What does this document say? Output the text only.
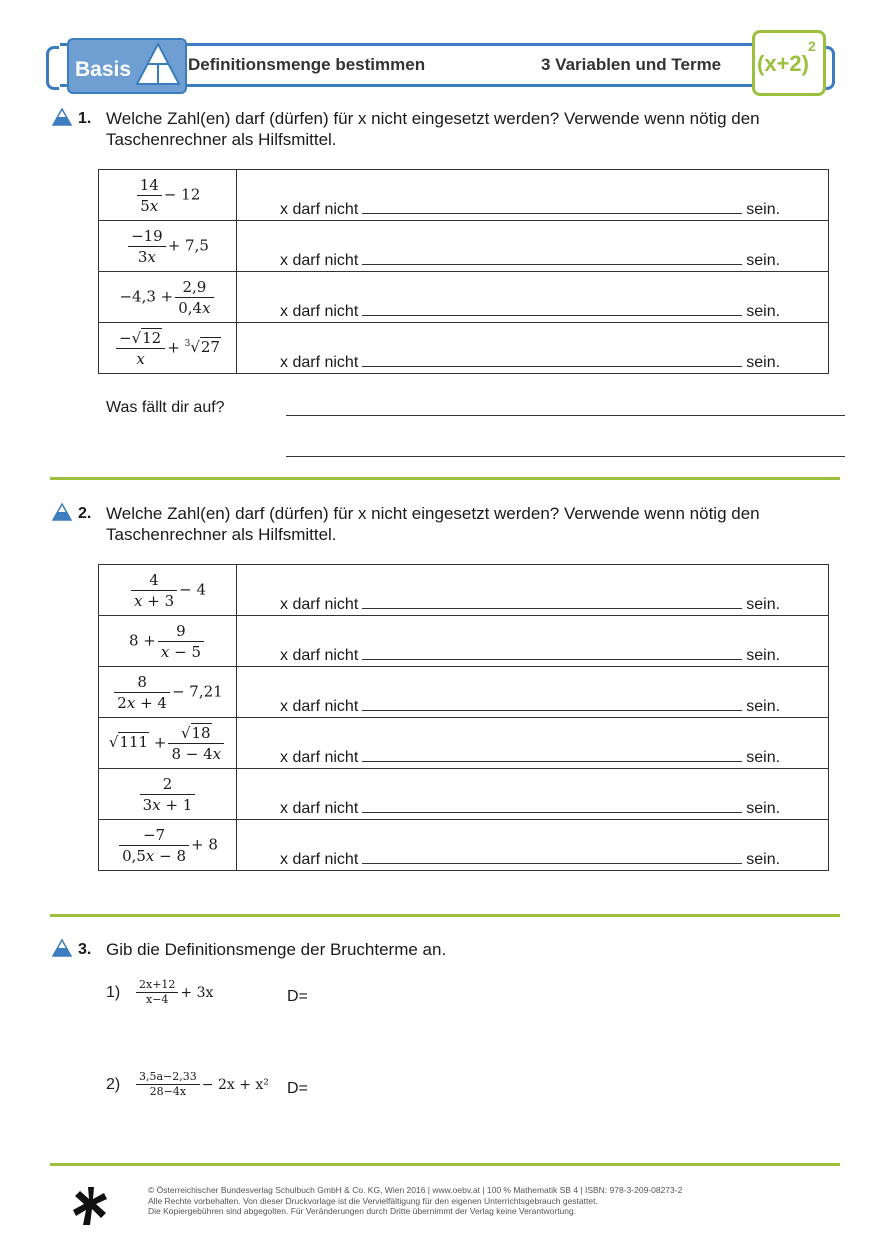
Basis	Definitionsmenge bestimmen	3 Variablen und Terme (x+2)
2
1. Welche Zahl(en) darf (dürfen) für x nicht eingesetzt werden? Verwende wenn nötig den
Taschenrechner als Hilfsmittel.
$\frac{14}{\text{5𝑥}} - 12$	x darf nicht sein.

$\frac{-19}{\text{3𝑥}} + 7,5$	x darf nicht sein.

$-4,3 + \frac{2,9}{\text{0,4𝑥}}$	x darf nicht sein.

$\frac{-√12}{\text{𝑥}} + ^3√27$	x darf nicht sein.
Was fällt dir auf?
2. Welche Zahl(en) darf (dürfen) für x nicht eingesetzt werden? Verwende wenn nötig den
Taschenrechner als Hilfsmittel.
$\frac{4}{\text{𝑥 + 3}} - 4$	x darf nicht sein.

$8 + \frac{9}{\text{𝑥 − 5}}$	x darf nicht sein.

$\frac{8}{\text{2𝑥 + 4}} - 7,21$	x darf nicht sein.

$√111 + \frac{√18}{\text{8 − 4𝑥}}$	x darf nicht sein.

$\frac{2}{\text{3𝑥 + 1}}$	x darf nicht sein.

$\frac{-7}{\text{0,5𝑥 − 8}} + 8$	x darf nicht sein.
3. Gib die Definitionsmenge der Bruchterme an.
$1) \frac{2x+12}{x-4} + 3x$	D=
$2) \frac{3,5a-2,33}{28-4x} - 2x + x^2$ D=
© Österreichischer Bundesverlag Schulbuch GmbH & Co. KG, Wien 2016 | www.oebv.at | 100 % Mathematik SB 4 | ISBN: 978-3-209-08273-2
Alle Rechte vorbehalten. Von dieser Druckvorlage ist die Vervielfältigung für den eigenen Unterrichtsgebrauch gestattet.
Die Kopiergebühren sind abgegolten. Für Veränderungen durch Dritte übernimmt der Verlag keine Verantwortung.
